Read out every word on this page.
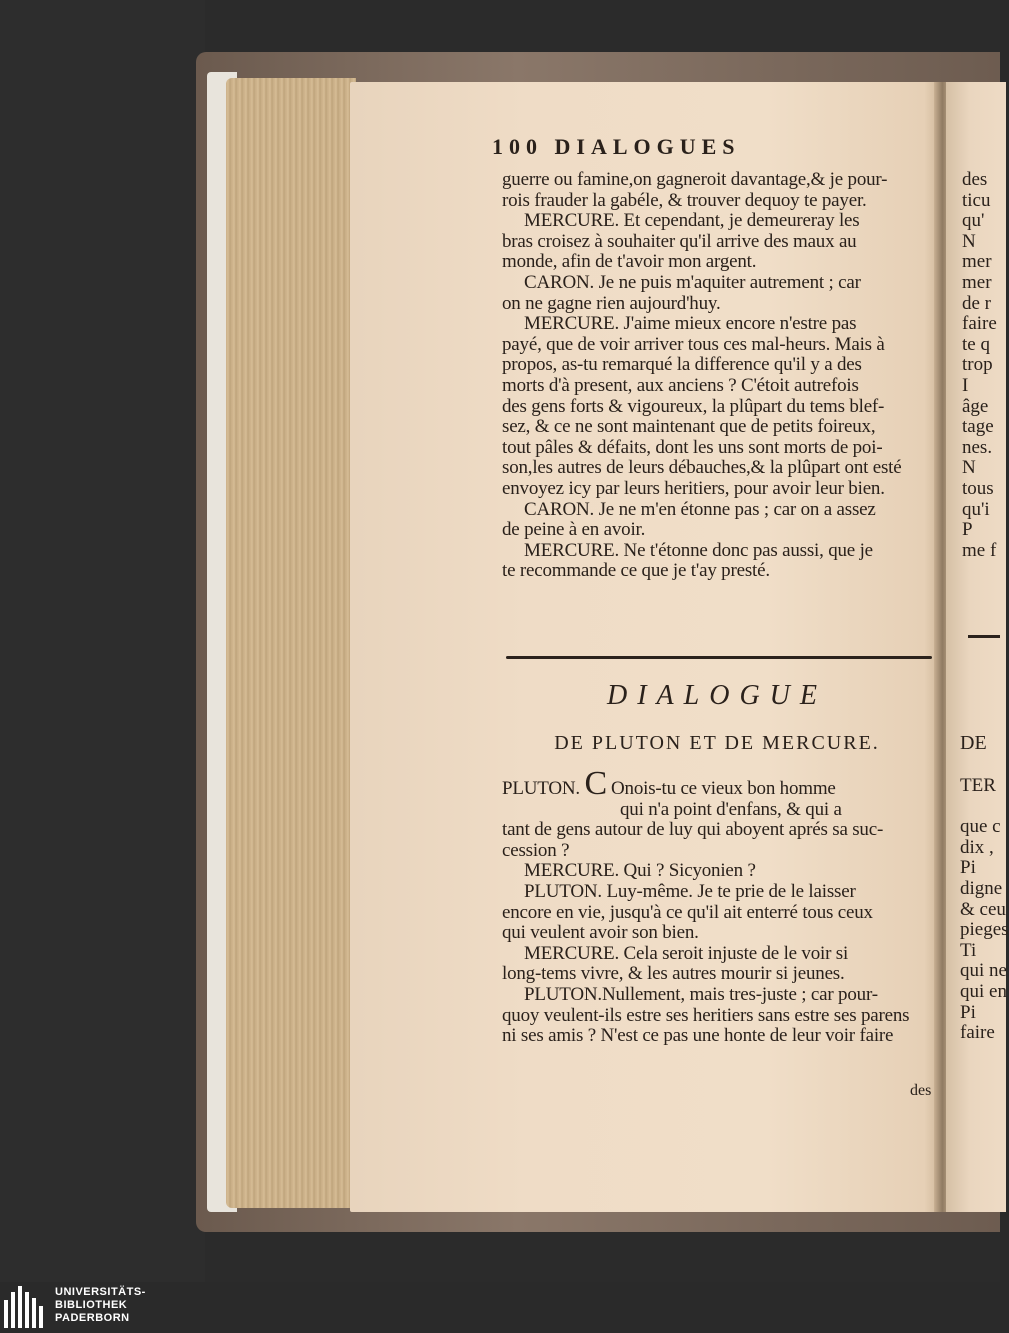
100 DIALOGUES
guerre ou famine,on gagneroit davantage,& je pour-
rois frauder la gabéle, & trouver dequoy te payer.
MERCURE. Et cependant, je demeureray les
bras croisez à souhaiter qu'il arrive des maux au
monde, afin de t'avoir mon argent.
CARON. Je ne puis m'aquiter autrement ; car
on ne gagne rien aujourd'huy.
MERCURE. J'aime mieux encore n'estre pas
payé, que de voir arriver tous ces mal-heurs. Mais à
propos, as-tu remarqué la difference qu'il y a des
morts d'à present, aux anciens ? C'étoit autrefois
des gens forts & vigoureux, la plûpart du tems blef-
sez, & ce ne sont maintenant que de petits foireux,
tout pâles & défaits, dont les uns sont morts de poi-
son,les autres de leurs débauches,& la plûpart ont esté
envoyez icy par leurs heritiers, pour avoir leur bien.
CARON. Je ne m'en étonne pas ; car on a assez
de peine à en avoir.
MERCURE. Ne t'étonne donc pas aussi, que je
te recommande ce que je t'ay presté.
DIALOGUE
DE PLUTON ET DE MERCURE.
PLUTON. C Onois-tu ce vieux bon homme
qui n'a point d'enfans, & qui a
tant de gens autour de luy qui aboyent aprés sa suc-
cession ?
MERCURE. Qui ? Sicyonien ?
PLUTON. Luy-même. Je te prie de le laisser
encore en vie, jusqu'à ce qu'il ait enterré tous ceux
qui veulent avoir son bien.
MERCURE. Cela seroit injuste de le voir si
long-tems vivre, & les autres mourir si jeunes.
PLUTON.Nullement, mais tres-juste ; car pour-
quoy veulent-ils estre ses heritiers sans estre ses parens
ni ses amis ? N'est ce pas une honte de leur voir faire
des
des
ticu
qu'
N
mer
mer
de r
faire
te q
trop
I
âge
tage
nes.
N
tous
qu'i
P
me f
DE
TER

que c
dix ,
Pi
digne
& ceu
pieges
Ti
qui ne
qui en
Pi
faire
UNIVERSITÄTS-
BIBLIOTHEK
PADERBORN
